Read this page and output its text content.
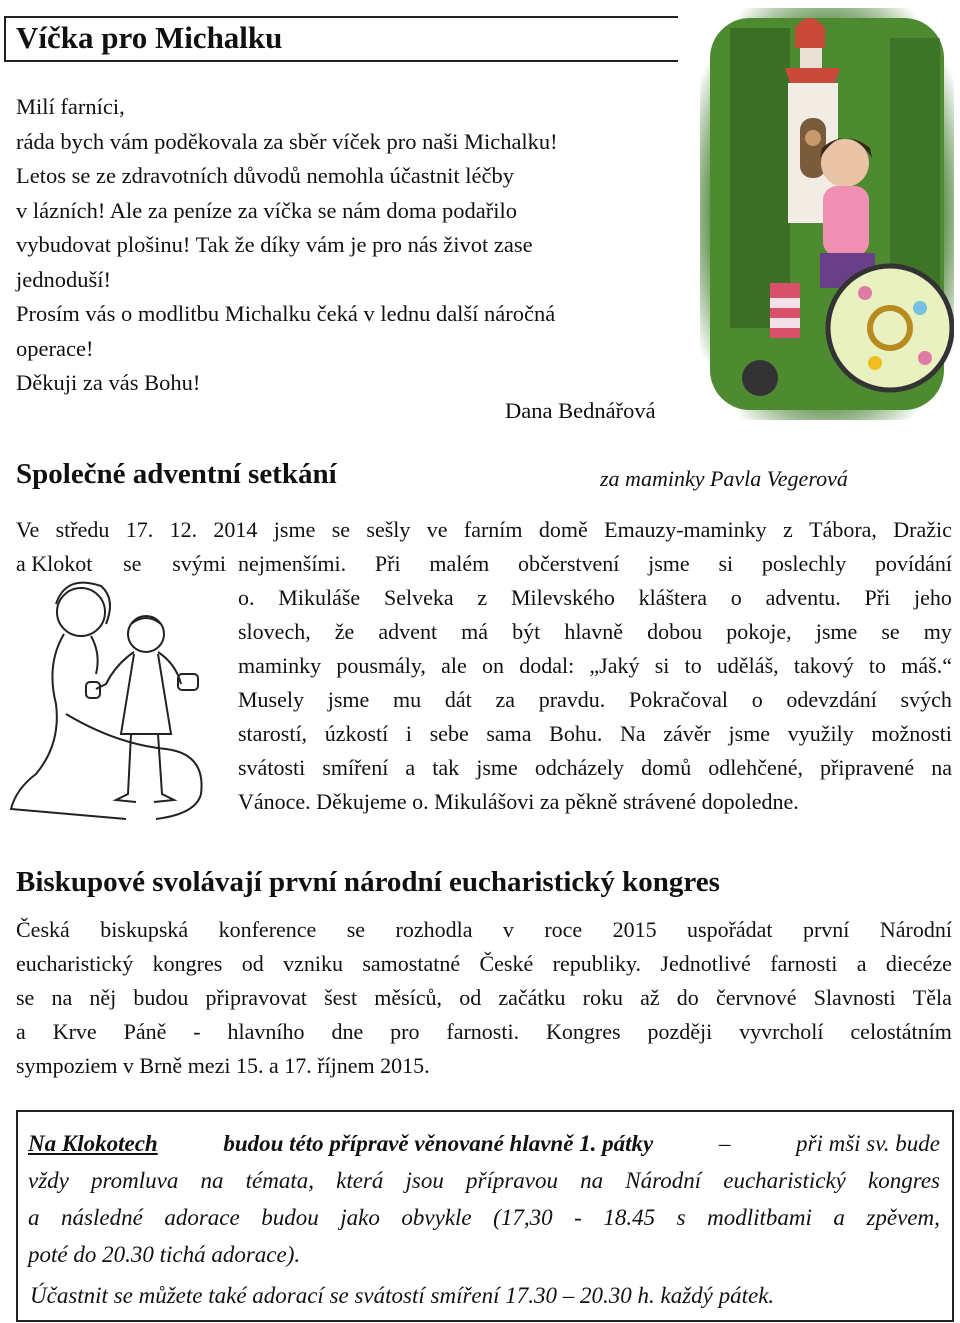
Víčka pro Michalku
Milí farníci,
ráda bych vám poděkovala za sběr víček pro naši Michalku!
Letos se ze zdravotních důvodů nemohla účastnit léčby
v lázních! Ale za peníze za víčka se nám doma podařilo
vybudovat plošinu! Tak že díky vám je pro nás život zase
jednoduší!
Prosím vás o modlitbu Michalku čeká v lednu další náročná
operace!
Děkuji za vás Bohu!
Dana Bednářová
Společné adventní setkání	za maminky Pavla Vegerová
Ve středu 17. 12. 2014 jsme se sešly ve farním domě Emauzy-maminky z Tábora, Dražic
a Klokot se svými nejmenšími. Při malém občerstvení jsme si poslechly povídání
o. Mikuláše Selveka z Milevského kláštera o adventu. Při jeho
slovech, že advent má být hlavně dobou pokoje, jsme se my
maminky pousmály, ale on dodal: „Jaký si to uděláš, takový to máš.“
Musely jsme mu dát za pravdu. Pokračoval o odevzdání svých
starostí, úzkostí i sebe sama Bohu. Na závěr jsme využily možnosti
svátosti smíření a tak jsme odcházely domů odlehčené, připravené na
Vánoce. Děkujeme o. Mikulášovi za pěkně strávené dopoledne.
Biskupové svolávají první národní eucharistický kongres
Česká biskupská konference se rozhodla v roce 2015 uspořádat první Národní
eucharistický kongres od vzniku samostatné České republiky. Jednotlivé farnosti a diecéze
se na něj budou připravovat šest měsíců, od začátku roku až do červnové Slavnosti Těla
a Krve Páně - hlavního dne pro farnosti. Kongres později vyvrcholí celostátním
sympoziem v Brně mezi 15. a 17. říjnem 2015.
Na Klokotech	budou této přípravě věnované hlavně 1. pátky	–	při mši sv. bude
vždy promluva na témata, která jsou přípravou na Národní eucharistický kongres
a následné adorace budou jako obvykle (17,30 - 18.45 s modlitbami a zpěvem,
poté do 20.30 tichá adorace).
Účastnit se můžete také adorací se svátostí smíření 17.30 – 20.30 h. každý pátek.
